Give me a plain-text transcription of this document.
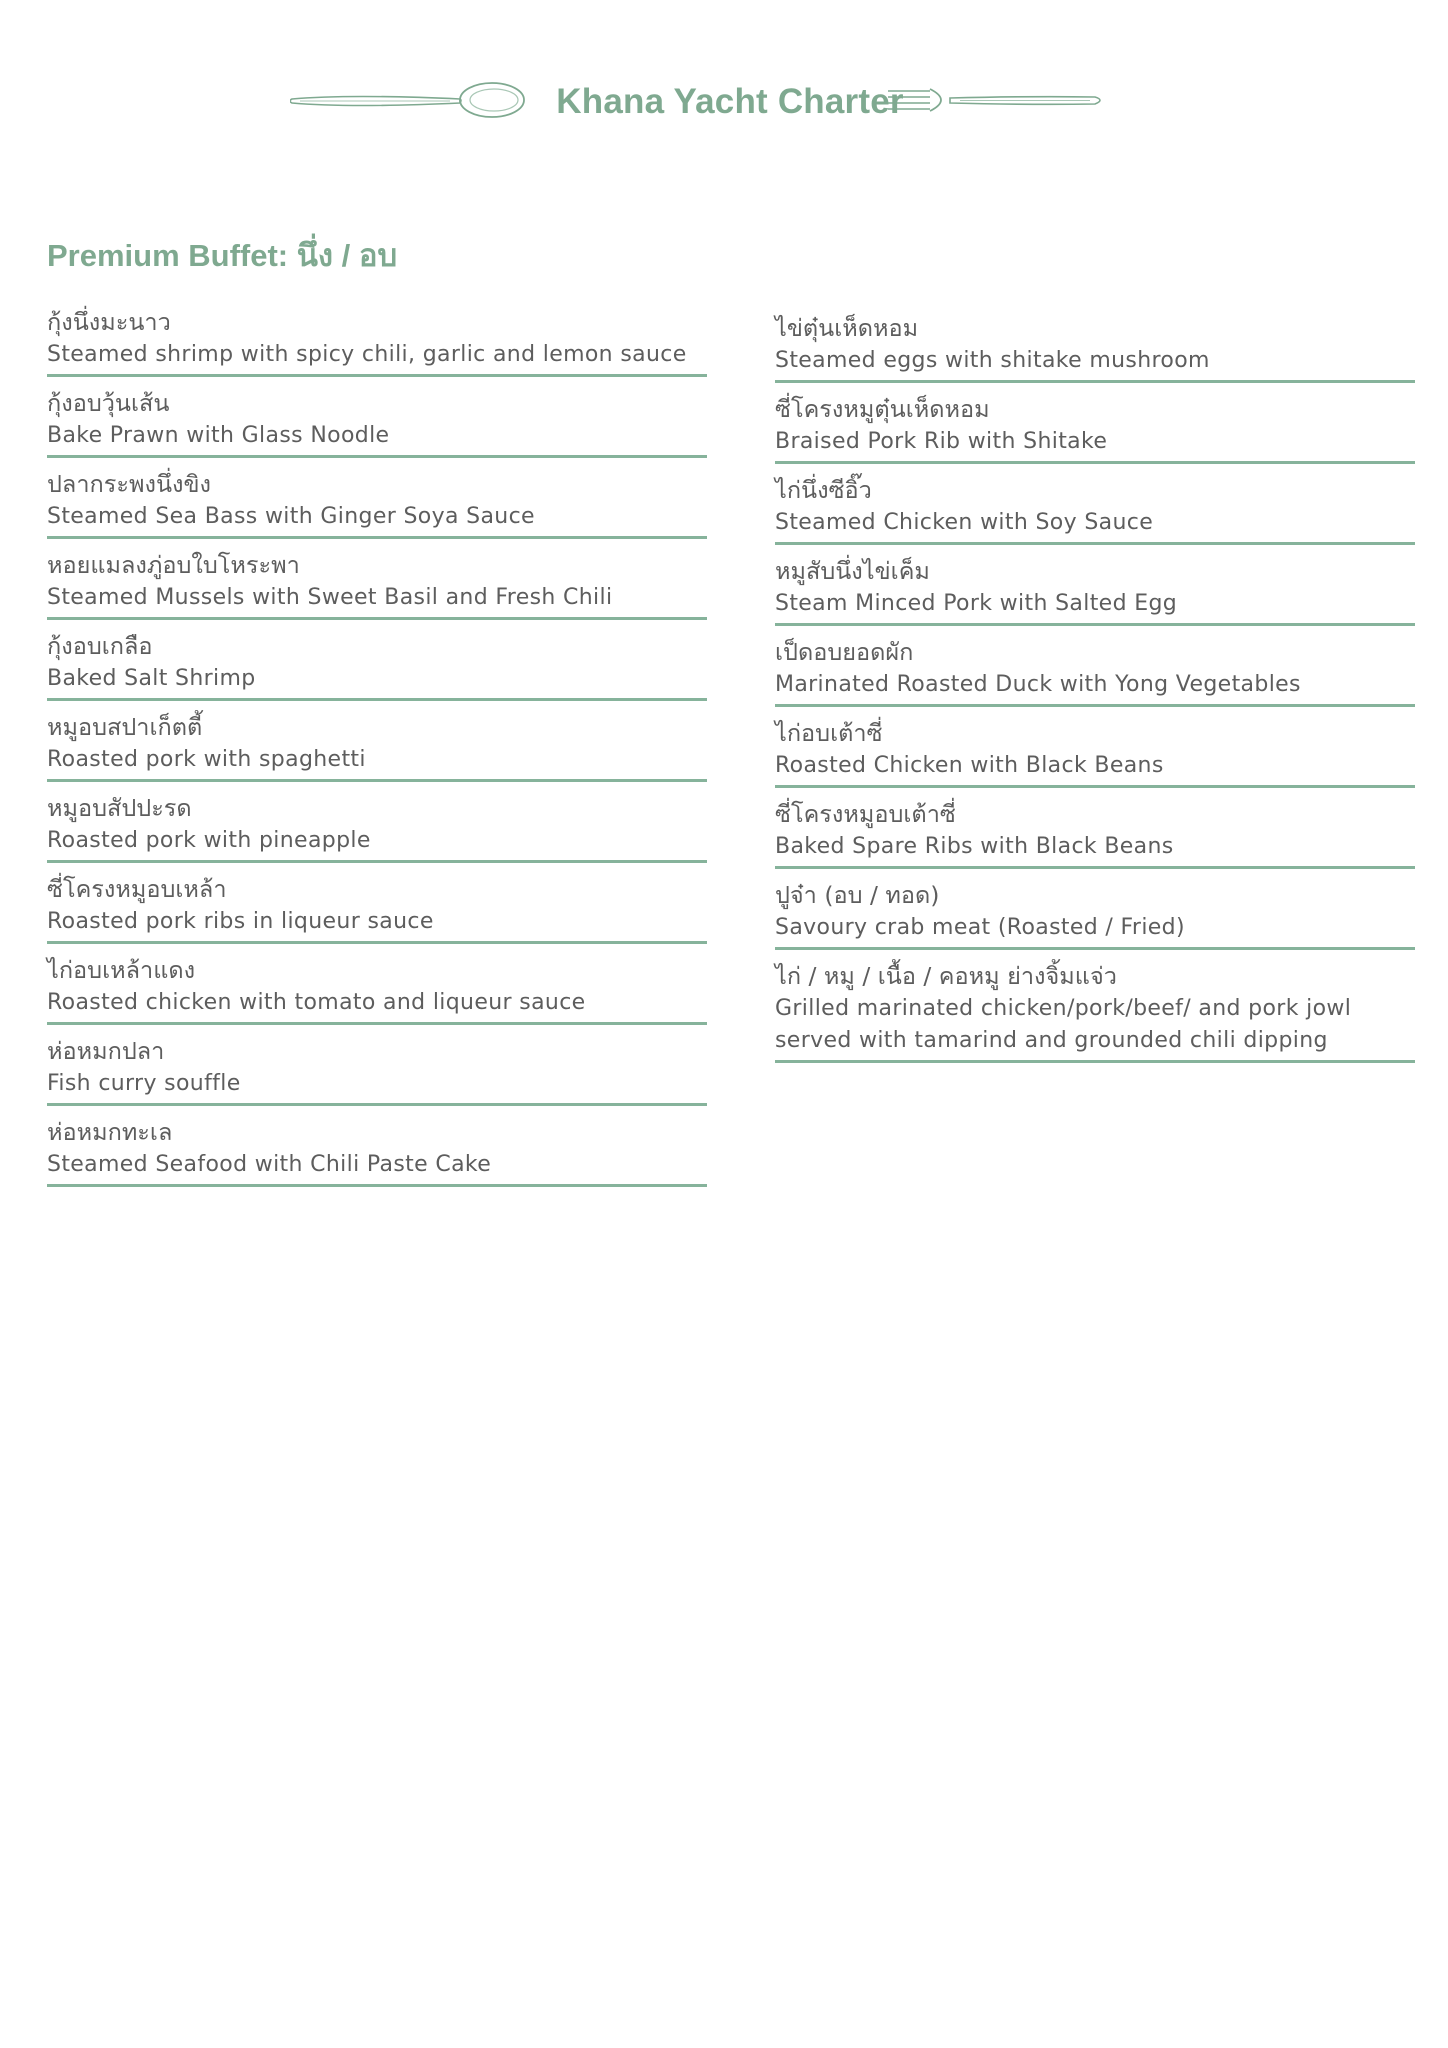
Khana Yacht Charter
Premium Buffet: นึ่ง / อบ
กุ้งนึ่งมะนาว
Steamed shrimp with spicy chili, garlic and lemon sauce
กุ้งอบวุ้นเส้น
Bake Prawn with Glass Noodle
ปลากระพงนึ่งขิง
Steamed Sea Bass with Ginger Soya Sauce
หอยแมลงภู่อบใบโหระพา
Steamed Mussels with Sweet Basil and Fresh Chili
กุ้งอบเกลือ
Baked Salt Shrimp
หมูอบสปาเก็ตตี้
Roasted pork with spaghetti
หมูอบสัปปะรด
Roasted pork with pineapple
ซี่โครงหมูอบเหล้า
Roasted pork ribs in liqueur sauce
ไก่อบเหล้าแดง
Roasted chicken with tomato and liqueur sauce
ห่อหมกปลา
Fish curry souffle
ห่อหมกทะเล
Steamed Seafood with Chili Paste Cake
ไข่ตุ๋นเห็ดหอม
Steamed eggs with shitake mushroom
ซี่โครงหมูตุ๋นเห็ดหอม
Braised Pork Rib with Shitake
ไก่นึ่งซีอิ๊ว
Steamed Chicken with Soy Sauce
หมูสับนึ่งไข่เค็ม
Steam Minced Pork with Salted Egg
เป็ดอบยอดผัก
Marinated Roasted Duck with Yong Vegetables
ไก่อบเต้าซี่
Roasted Chicken with Black Beans
ซี่โครงหมูอบเต้าซี่
Baked Spare Ribs with Black Beans
ปูจ๋า (อบ / ทอด)
Savoury crab meat (Roasted / Fried)
ไก่ / หมู / เนื้อ / คอหมู ย่างจิ้มแจ่ว
Grilled marinated chicken/pork/beef/ and pork jowl served with tamarind and grounded chili dipping
